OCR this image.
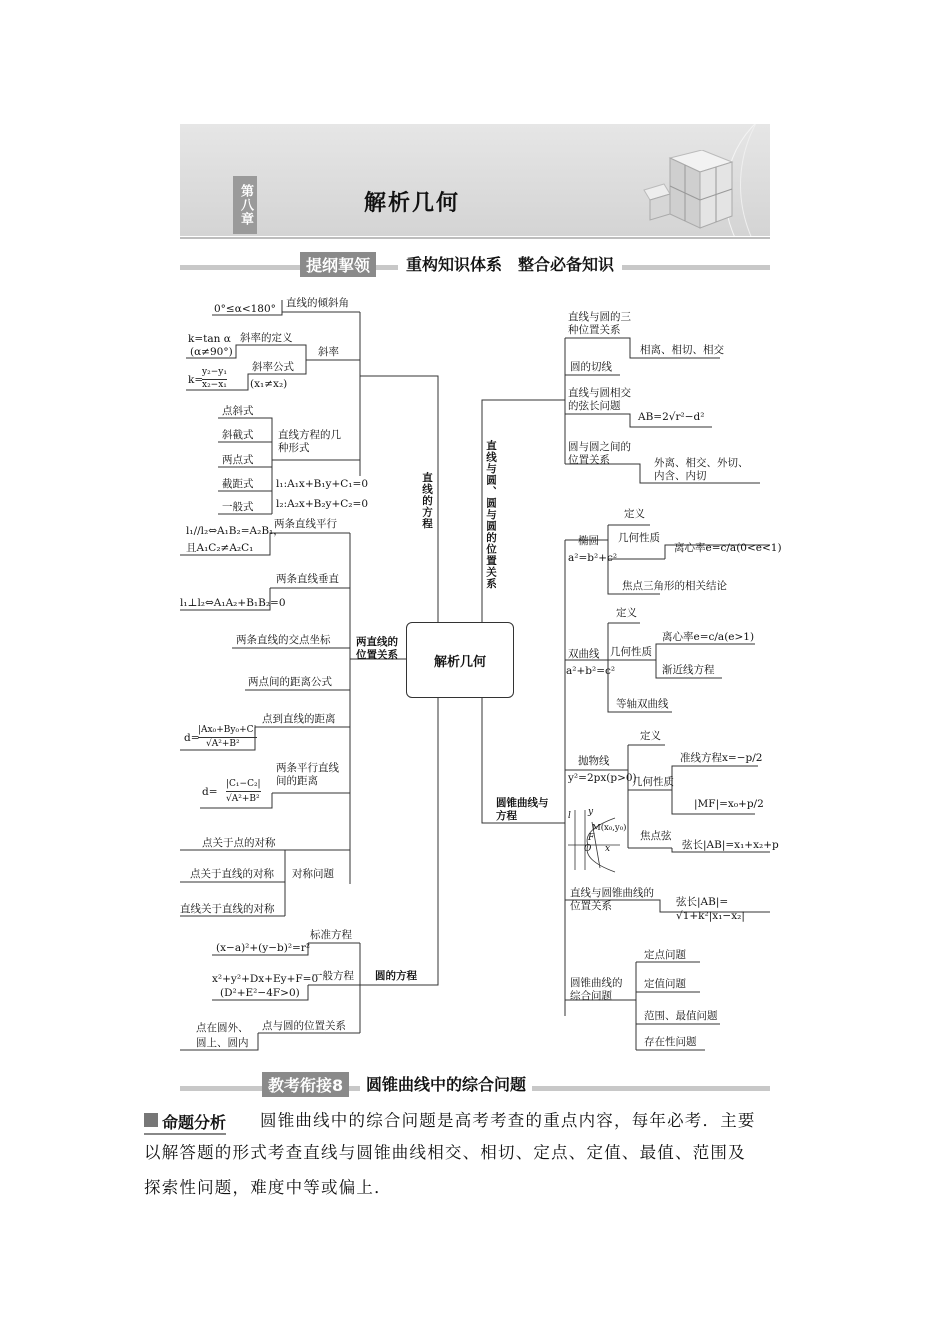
第八章	解析几何
提纲挈领	重构知识体系　整合必备知识
解析几何
直线的方程
两直线的位置关系
圆的方程
直线与圆、圆与圆的位置关系
圆锥曲线与方程
0°≤α<180° 直线的倾斜角
k=tan α
(α≠90°)
斜率的定义
斜率
斜率公式
k=
y₂−y₁
x₂−x₁ (x₁≠x₂)
点斜式
斜截式
两点式
截距式
一般式
直线方程的几种形式
l₁:A₁x+B₁y+C₁=0
l₂:A₂x+B₂y+C₂=0
两条直线平行
l₁//l₂⇔A₁B₂=A₂B₁，
且A₁C₂≠A₂C₁
两条直线垂直
l₁⊥l₂⇔A₁A₂+B₁B₂=0
两条直线的交点坐标
两点间的距离公式
点到直线的距离
d=
|Ax₀+By₀+C|
√A²+B²
两条平行直线间的距离
d=
|C₁−C₂|
√A²+B²
点关于点的对称
点关于直线的对称
直线关于直线的对称
对称问题
(x−a)²+(y−b)²=r²
标准方程
x²+y²+Dx+Ey+F=0
(D²+E²−4F>0)
一般方程
点在圆外、
圆上、圆内
点与圆的位置关系
直线与圆的三种位置关系
相离、相切、相交
圆的切线
直线与圆相交的弦长问题
AB=2√r²−d²
圆与圆之间的位置关系	外离、相交、外切、
内含、内切
椭圆
a²=b²+c²
定义
几何性质
离心率e=c/a(0<e<1)
焦点三角形的相关结论
双曲线
a²+b²=c²
定义
几何性质
离心率e=c/a(e>1)
渐近线方程
等轴双曲线
抛物线
y²=2px(p>0)
定义
几何性质
准线方程x=−p/2
|MF|=x₀+p/2
焦点弦
弦长|AB|=x₁+x₂+p
l y
M(x₀,y₀)
F
O x
直线与圆锥曲线的位置关系	弦长|AB|=
√1+k²|x₁−x₂|
圆锥曲线的综合问题
定点问题
定值问题
范围、最值问题
存在性问题
教考衔接8	圆锥曲线中的综合问题
命题分析 圆锥曲线中的综合问题是高考考查的重点内容，每年必考．主要
以解答题的形式考查直线与圆锥曲线相交、相切、定点、定值、最值、范围及
探索性问题，难度中等或偏上．
